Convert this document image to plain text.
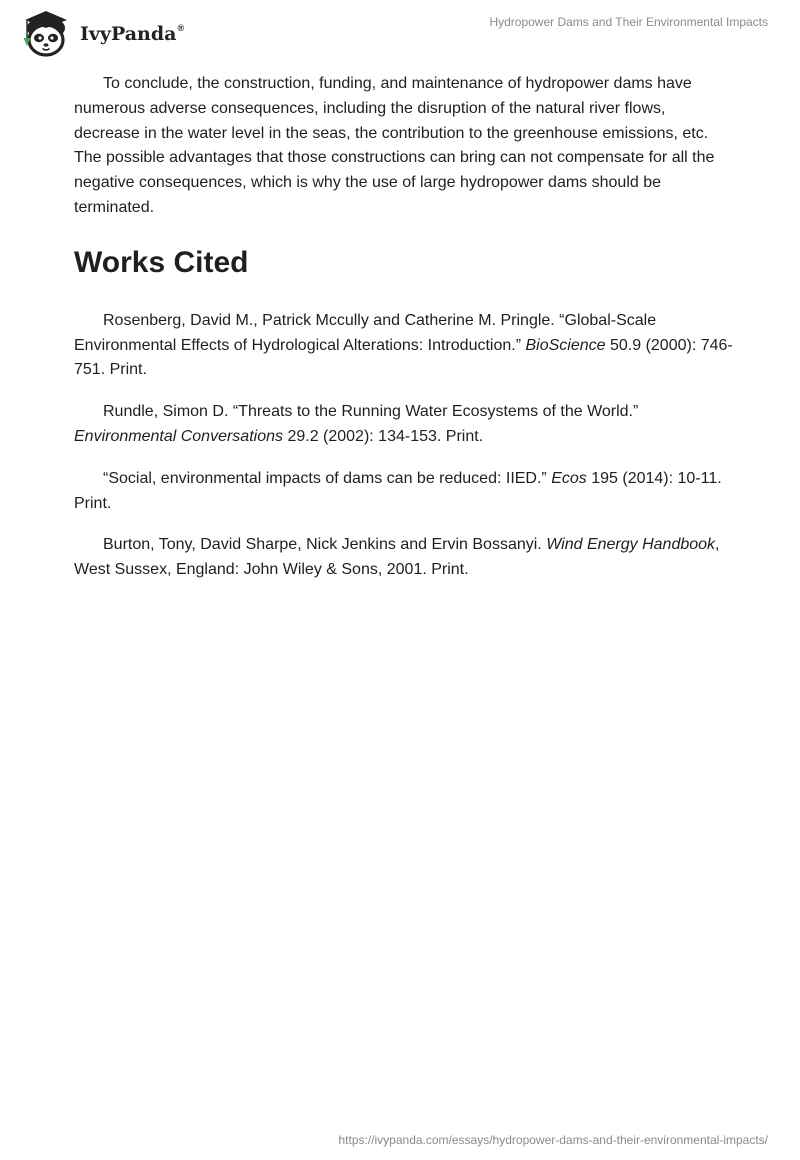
IvyPanda®	Hydropower Dams and Their Environmental Impacts

To conclude, the construction, funding, and maintenance of hydropower dams have numerous adverse consequences, including the disruption of the natural river flows, decrease in the water level in the seas, the contribution to the greenhouse emissions, etc. The possible advantages that those constructions can bring can not compensate for all the negative consequences, which is why the use of large hydropower dams should be terminated.

Works Cited

Rosenberg, David M., Patrick Mccully and Catherine M. Pringle. “Global-Scale Environmental Effects of Hydrological Alterations: Introduction.” BioScience 50.9 (2000): 746-751. Print.

Rundle, Simon D. “Threats to the Running Water Ecosystems of the World.” Environmental Conversations 29.2 (2002): 134-153. Print.

“Social, environmental impacts of dams can be reduced: IIED.” Ecos 195 (2014): 10-11. Print.

Burton, Tony, David Sharpe, Nick Jenkins and Ervin Bossanyi. Wind Energy Handbook, West Sussex, England: John Wiley & Sons, 2001. Print.

https://ivypanda.com/essays/hydropower-dams-and-their-environmental-impacts/
